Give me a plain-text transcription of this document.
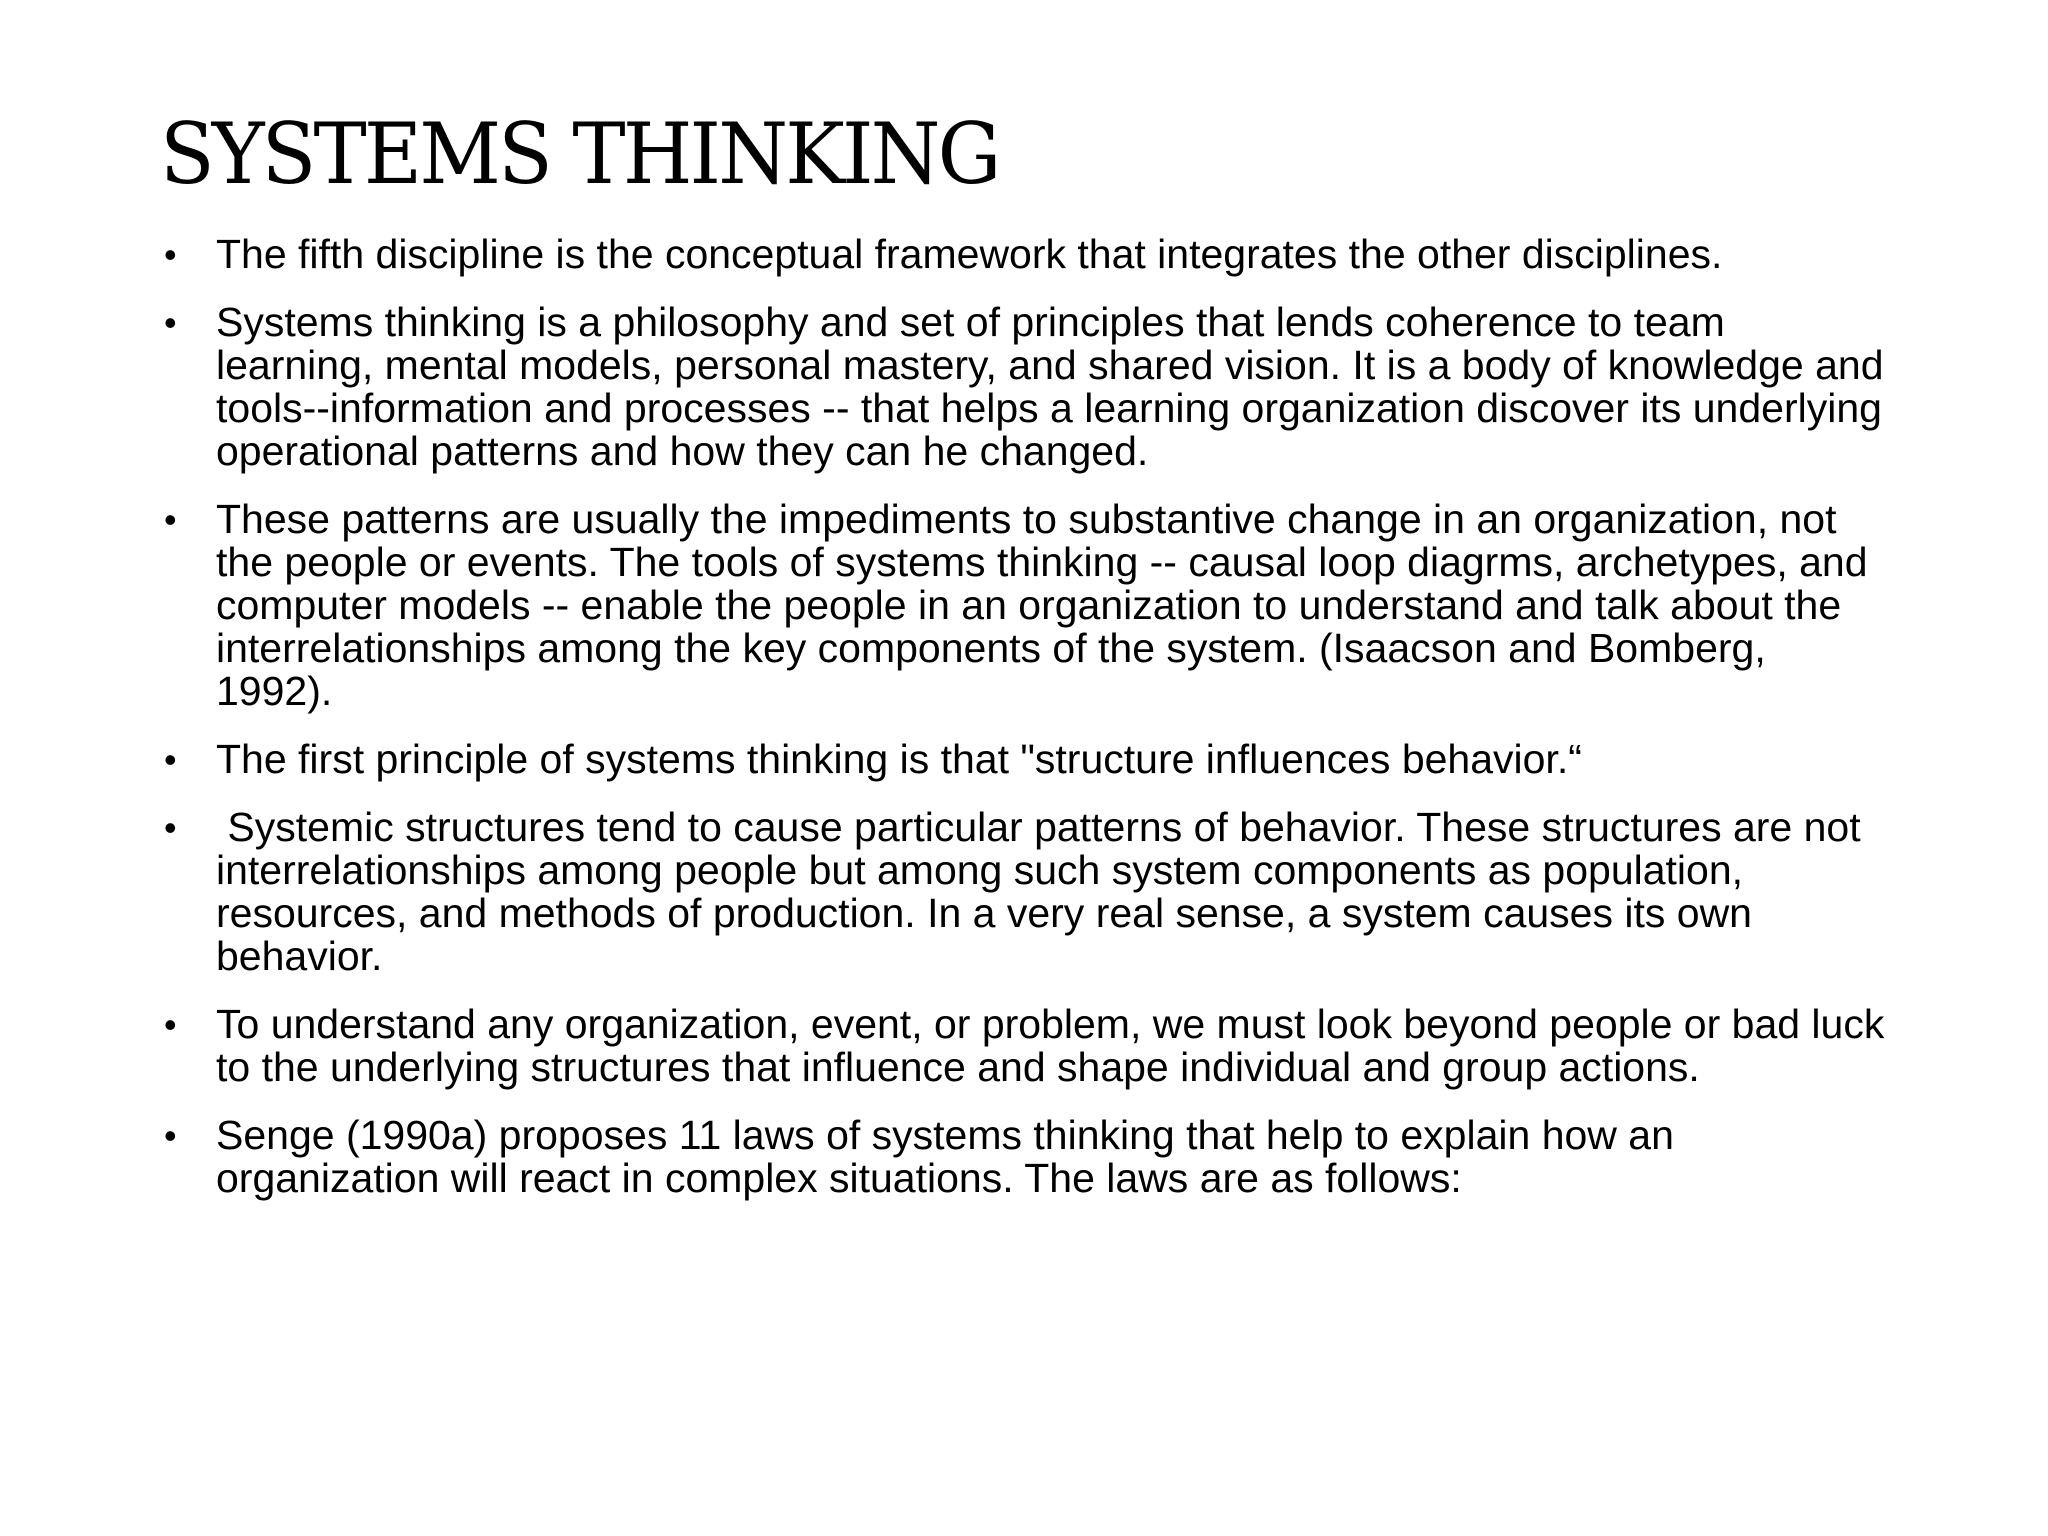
SYSTEMS THINKING
• The fifth discipline is the conceptual framework that integrates the other disciplines.
• Systems thinking is a philosophy and set of principles that lends coherence to team learning, mental models, personal mastery, and shared vision. It is a body of knowledge and tools--information and processes -- that helps a learning organization discover its underlying operational patterns and how they can he changed.
• These patterns are usually the impediments to substantive change in an organization, not the people or events. The tools of systems thinking -- causal loop diagrms, archetypes, and computer models -- enable the people in an organization to understand and talk about the interrelationships among the key components of the system. (Isaacson and Bomberg, 1992).
• The first principle of systems thinking is that "structure influences behavior.“
• Systemic structures tend to cause particular patterns of behavior. These structures are not interrelationships among people but among such system components as population, resources, and methods of production. In a very real sense, a system causes its own behavior.
• To understand any organization, event, or problem, we must look beyond people or bad luck to the underlying structures that influence and shape individual and group actions.
• Senge (1990a) proposes 11 laws of systems thinking that help to explain how an organization will react in complex situations. The laws are as follows:
